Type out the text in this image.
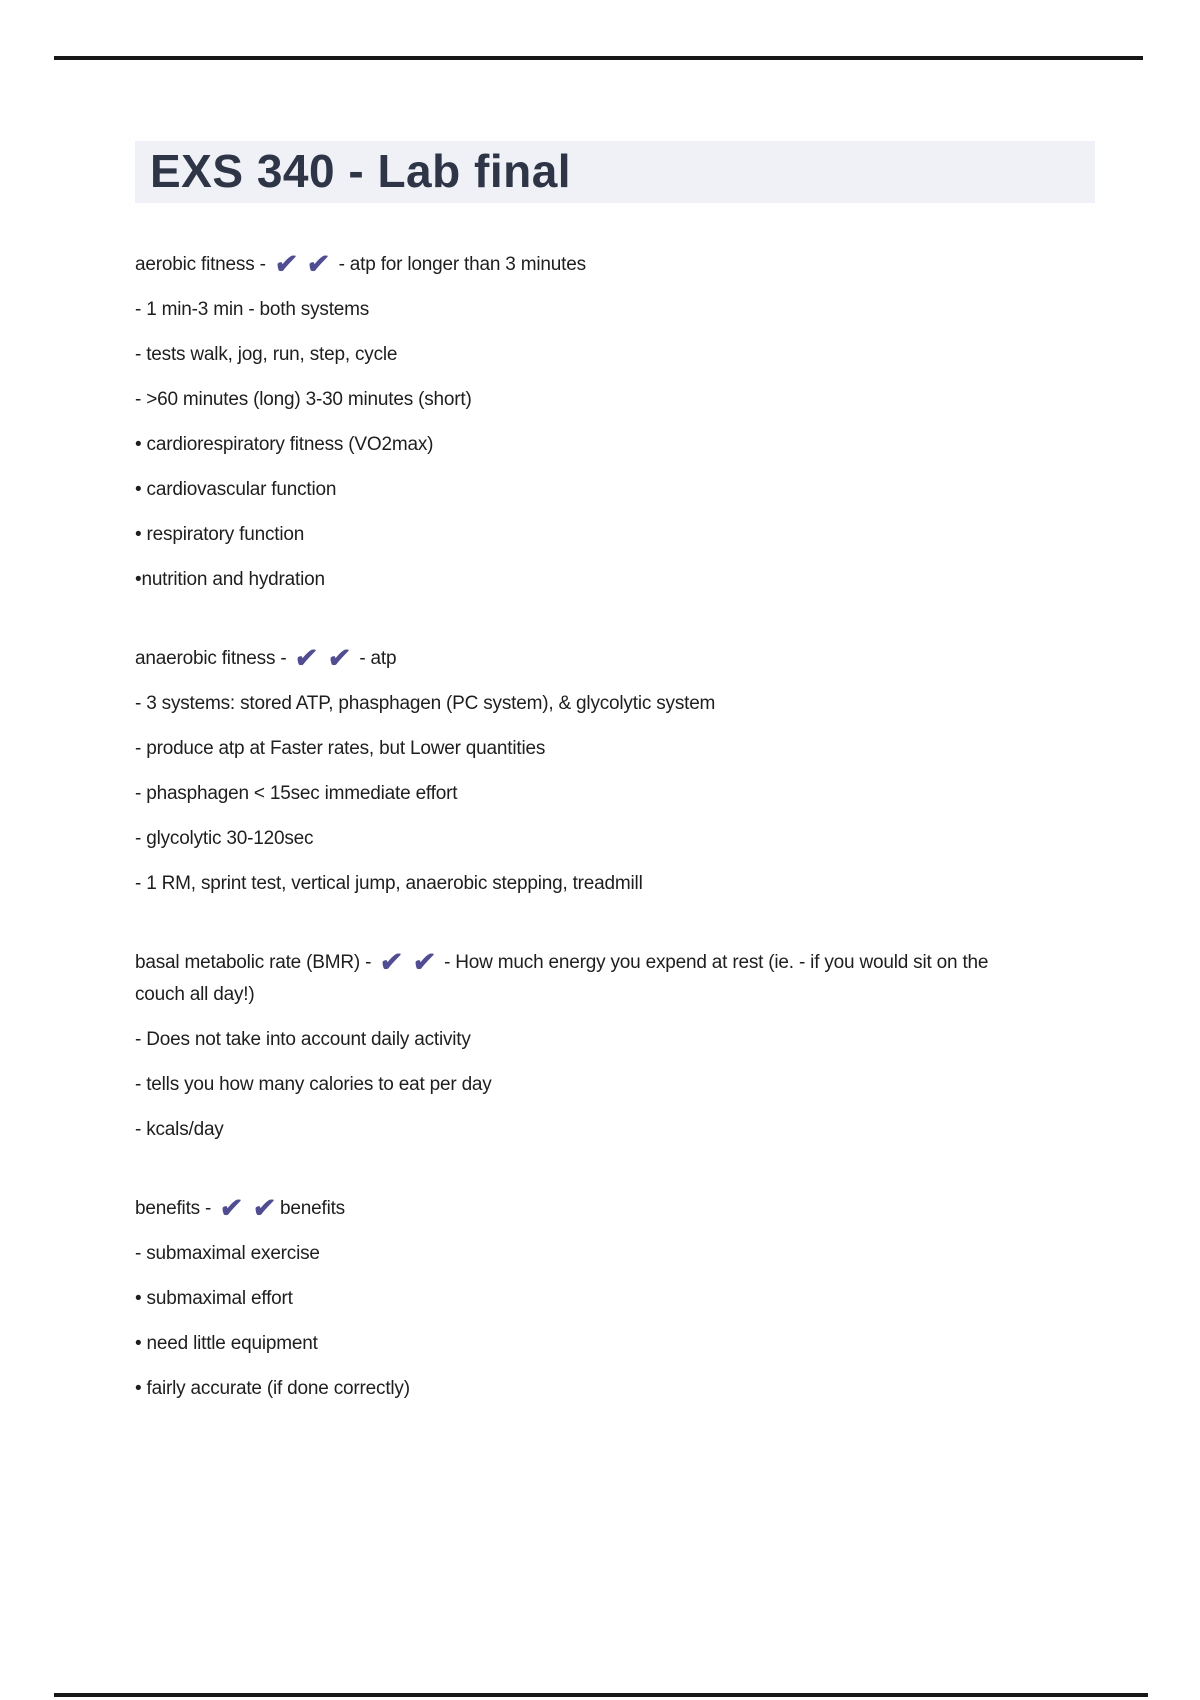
EXS 340 - Lab final

aerobic fitness - ✔ ✔ - atp for longer than 3 minutes

- 1 min-3 min - both systems

- tests walk, jog, run, step, cycle

- >60 minutes (long) 3-30 minutes (short)

• cardiorespiratory fitness (VO2max)

• cardiovascular function

• respiratory function

•nutrition and hydration

anaerobic fitness - ✔ ✔ - atp

- 3 systems: stored ATP, phasphagen (PC system), & glycolytic system

- produce atp at Faster rates, but Lower quantities

- phasphagen < 15sec immediate effort

- glycolytic 30-120sec

- 1 RM, sprint test, vertical jump, anaerobic stepping, treadmill

basal metabolic rate (BMR) - ✔ ✔ - How much energy you expend at rest (ie. - if you would sit on the
couch all day!)

- Does not take into account daily activity

- tells you how many calories to eat per day

- kcals/day

benefits - ✔ ✔ benefits

- submaximal exercise

• submaximal effort

• need little equipment

• fairly accurate (if done correctly)
